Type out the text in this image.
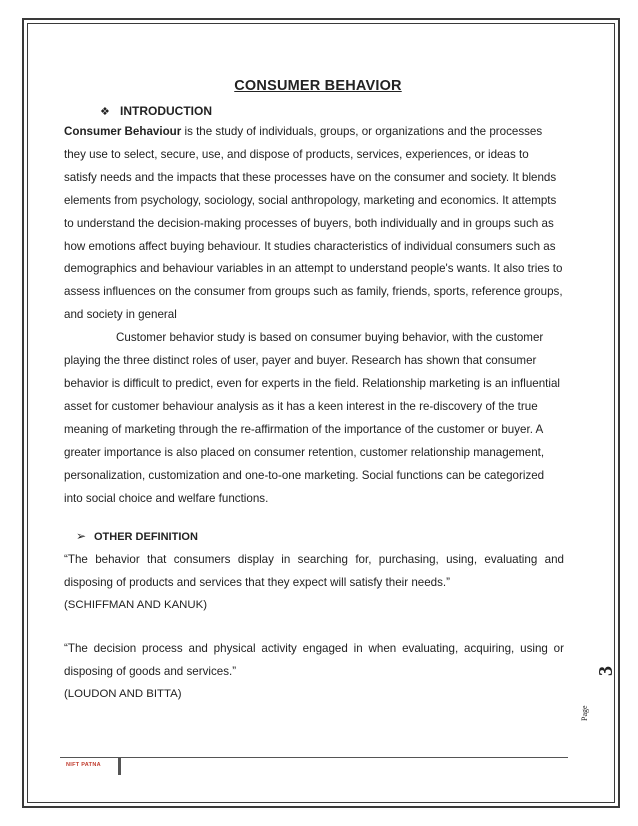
CONSUMER BEHAVIOR
❖ INTRODUCTION

Consumer Behaviour is the study of individuals, groups, or organizations and the processes they use to select, secure, use, and dispose of products, services, experiences, or ideas to satisfy needs and the impacts that these processes have on the consumer and society. It blends elements from psychology, sociology, social anthropology, marketing and economics. It attempts to understand the decision-making processes of buyers, both individually and in groups such as how emotions affect buying behaviour. It studies characteristics of individual consumers such as demographics and behaviour variables in an attempt to understand people's wants. It also tries to assess influences on the consumer from groups such as family, friends, sports, reference groups, and society in general

Customer behavior study is based on consumer buying behavior, with the customer playing the three distinct roles of user, payer and buyer. Research has shown that consumer behavior is difficult to predict, even for experts in the field. Relationship marketing is an influential asset for customer behaviour analysis as it has a keen interest in the re-discovery of the true meaning of marketing through the re-affirmation of the importance of the customer or buyer. A greater importance is also placed on consumer retention, customer relationship management, personalization, customization and one-to-one marketing. Social functions can be categorized into social choice and welfare functions.

➢ OTHER DEFINITION

“The behavior that consumers display in searching for, purchasing, using, evaluating and disposing of products and services that they expect will satisfy their needs.”

(SCHIFFMAN AND KANUK)

“The decision process and physical activity engaged in when evaluating, acquiring, using or disposing of goods and services.”

(LOUDON AND BITTA)

Page
3
NIFT PATNA
